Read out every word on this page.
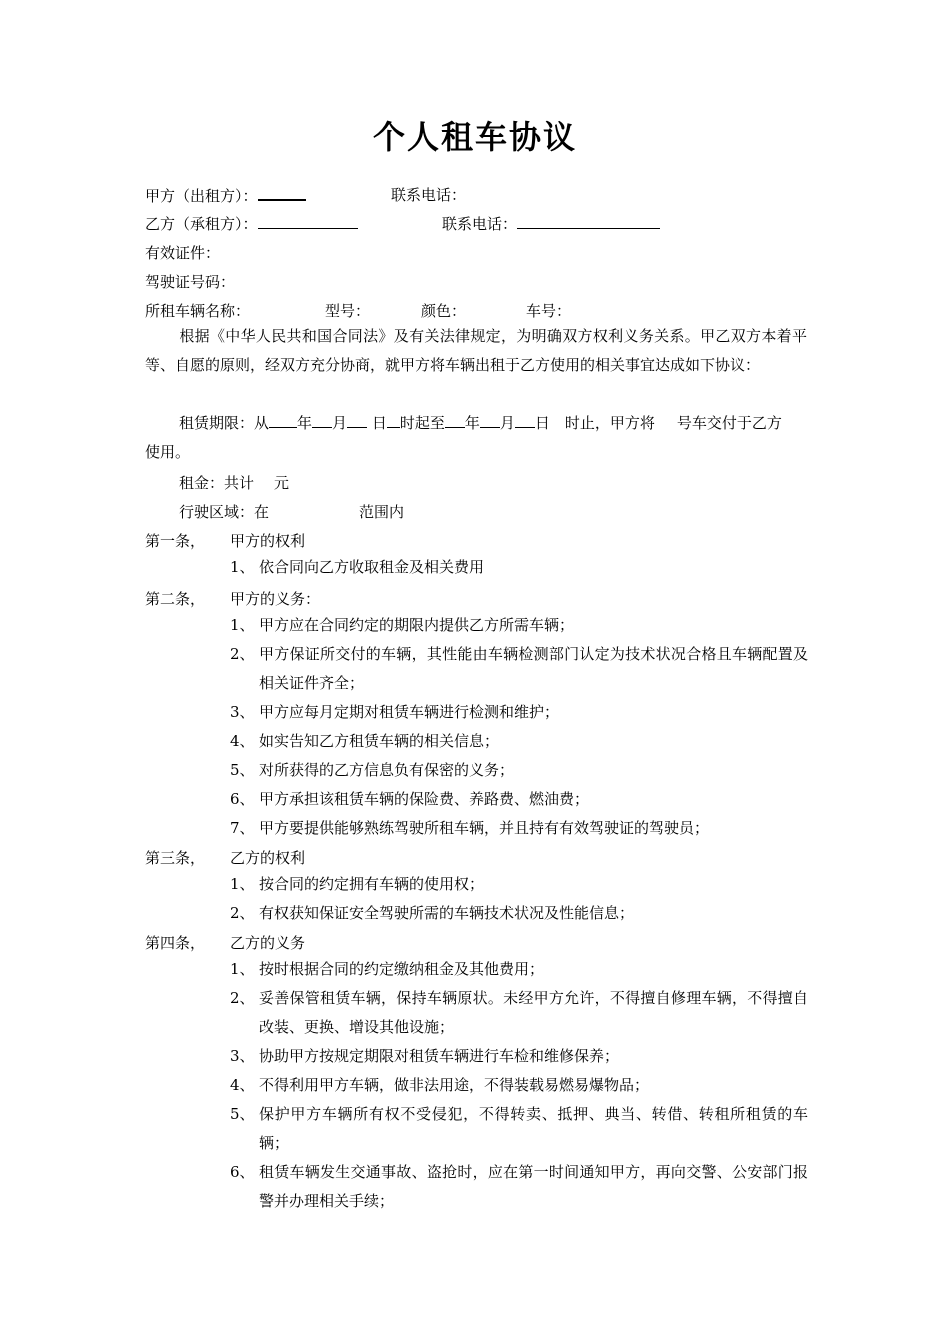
个人租车协议
甲方（出租方）：	联系电话：
乙方（承租方）：	联系电话：
有效证件：
驾驶证号码：
所租车辆名称：	型号：	颜色：	车号：
根据《中华人民共和国合同法》及有关法律规定，为明确双方权利义务关系。甲乙双方本着平等、自愿的原则，经双方充分协商，就甲方将车辆出租于乙方使用的相关事宜达成如下协议：
租赁期限：从 年 月 日 时起至 年 月 日 时止，甲方将 号车交付于乙方
使用。
租金：共计 元
行驶区域：在	范围内
第一条， 甲方的权利
1、 依合同向乙方收取租金及相关费用
第二条， 甲方的义务：
1、 甲方应在合同约定的期限内提供乙方所需车辆；
2、 甲方保证所交付的车辆，其性能由车辆检测部门认定为技术状况合格且车辆配置及相关证件齐全；
3、 甲方应每月定期对租赁车辆进行检测和维护；
4、 如实告知乙方租赁车辆的相关信息；
5、 对所获得的乙方信息负有保密的义务；
6、 甲方承担该租赁车辆的保险费、养路费、燃油费；
7、 甲方要提供能够熟练驾驶所租车辆，并且持有有效驾驶证的驾驶员；
第三条， 乙方的权利
1、 按合同的约定拥有车辆的使用权；
2、 有权获知保证安全驾驶所需的车辆技术状况及性能信息；
第四条， 乙方的义务
1、 按时根据合同的约定缴纳租金及其他费用；
2、 妥善保管租赁车辆，保持车辆原状。未经甲方允许，不得擅自修理车辆，不得擅自改装、更换、增设其他设施；
3、 协助甲方按规定期限对租赁车辆进行车检和维修保养；
4、 不得利用甲方车辆，做非法用途，不得装载易燃易爆物品；
5、 保护甲方车辆所有权不受侵犯，不得转卖、抵押、典当、转借、转租所租赁的车辆；
6、 租赁车辆发生交通事故、盗抢时，应在第一时间通知甲方，再向交警、公安部门报警并办理相关手续；
